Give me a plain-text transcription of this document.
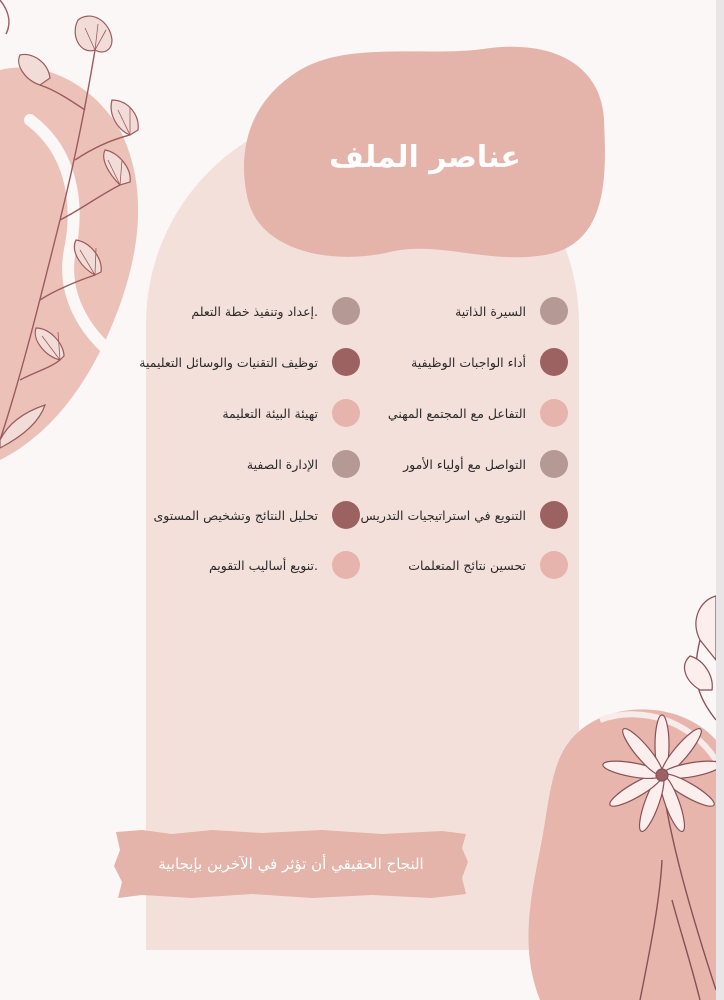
عناصر الملف
السيرة الذاتية
أداء الواجبات الوظيفية
التفاعل مع المجتمع المهني
التواصل مع أولياء الأمور
التنويع في استراتيجيات التدريس
تحسين نتائج المتعلمات
إعداد وتنفيذ خطة التعلم.
توظيف التقنيات والوسائل التعليمية
تهيئة البيئة التعليمة
الإدارة الصفية
تحليل النتائج وتشخيص المستوى
تنويع أساليب التقويم.
النجاح الحقيقي أن تؤثر في الآخرين بإيجابية
